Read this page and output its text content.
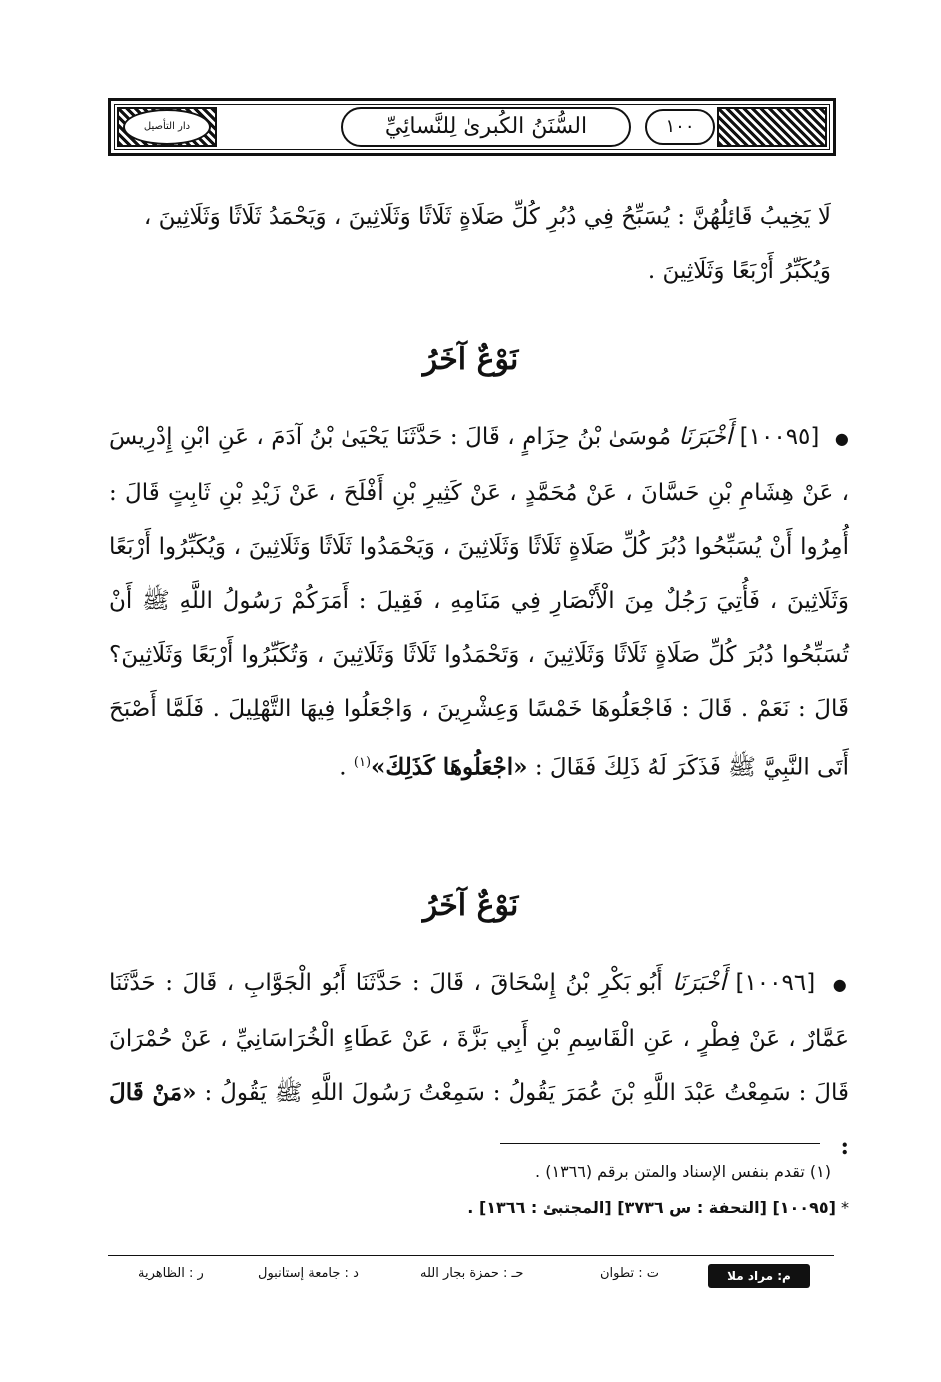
دار التأصيل	السُّنَنُ الكُبرىٰ لِلنَّسائِيِّ	١٠٠
لَا يَخِيبُ قَائِلُهُنَّ : يُسَبِّحُ فِي دُبُرِ كُلِّ صَلَاةٍ ثَلَاثًا وَثَلَاثِينَ ، وَيَحْمَدُ ثَلَاثًا وَثَلَاثِينَ ،
وَيُكَبِّرُ أَرْبَعًا وَثَلَاثِينَ .
نَوْعٌ آخَرُ
● [١٠٠٩٥] أَخْبَرَنَا مُوسَىٰ بْنُ حِزَامٍ ، قَالَ : حَدَّثَنَا يَحْيَىٰ بْنُ آدَمَ ، عَنِ ابْنِ إِدْرِيسَ ، عَنْ هِشَامِ بْنِ حَسَّانَ ، عَنْ مُحَمَّدٍ ، عَنْ كَثِيرِ بْنِ أَفْلَحَ ، عَنْ زَيْدِ بْنِ ثَابِتٍ قَالَ : أُمِرُوا أَنْ يُسَبِّحُوا دُبُرَ كُلِّ صَلَاةٍ ثَلَاثًا وَثَلَاثِينَ ، وَيَحْمَدُوا ثَلَاثًا وَثَلَاثِينَ ، وَيُكَبِّرُوا أَرْبَعًا وَثَلَاثِينَ ، فَأُتِيَ رَجُلٌ مِنَ الْأَنْصَارِ فِي مَنَامِهِ ، فَقِيلَ : أَمَرَكُمْ رَسُولُ اللَّهِ ﷺ أَنْ تُسَبِّحُوا دُبُرَ كُلِّ صَلَاةٍ ثَلَاثًا وَثَلَاثِينَ ، وَتَحْمَدُوا ثَلَاثًا وَثَلَاثِينَ ، وَتُكَبِّرُوا أَرْبَعًا وَثَلَاثِينَ؟ قَالَ : نَعَمْ . قَالَ : فَاجْعَلُوهَا خَمْسًا وَعِشْرِينَ ، وَاجْعَلُوا فِيهَا التَّهْلِيلَ . فَلَمَّا أَصْبَحَ أَتَى النَّبِيَّ ﷺ فَذَكَرَ لَهُ ذَلِكَ فَقَالَ : «اجْعَلُوهَا كَذَلِكَ»$^{(١)}$ .
نَوْعٌ آخَرُ
● [١٠٠٩٦] أَخْبَرَنَا أَبُو بَكْرِ بْنُ إِسْحَاقَ ، قَالَ : حَدَّثَنَا أَبُو الْجَوَّابِ ، قَالَ : حَدَّثَنَا عَمَّارٌ ، عَنْ فِطْرٍ ، عَنِ الْقَاسِمِ بْنِ أَبِي بَزَّةَ ، عَنْ عَطَاءٍ الْخُرَاسَانِيِّ ، عَنْ حُمْرَانَ قَالَ : سَمِعْتُ عَبْدَ اللَّهِ بْنَ عُمَرَ يَقُولُ : سَمِعْتُ رَسُولَ اللَّهِ ﷺ يَقُولُ : «مَنْ قَالَ :
(١) تقدم بنفس الإسناد والمتن برقم (١٣٦٦) .
* [١٠٠٩٥] [التحفة : س ٣٧٣٦] [المجتبئ : ١٣٦٦] .
م: مراد ملا
ت : تطوان
حـ : حمزة بجار الله
د : جامعة إستانبول
ر : الظاهرية
